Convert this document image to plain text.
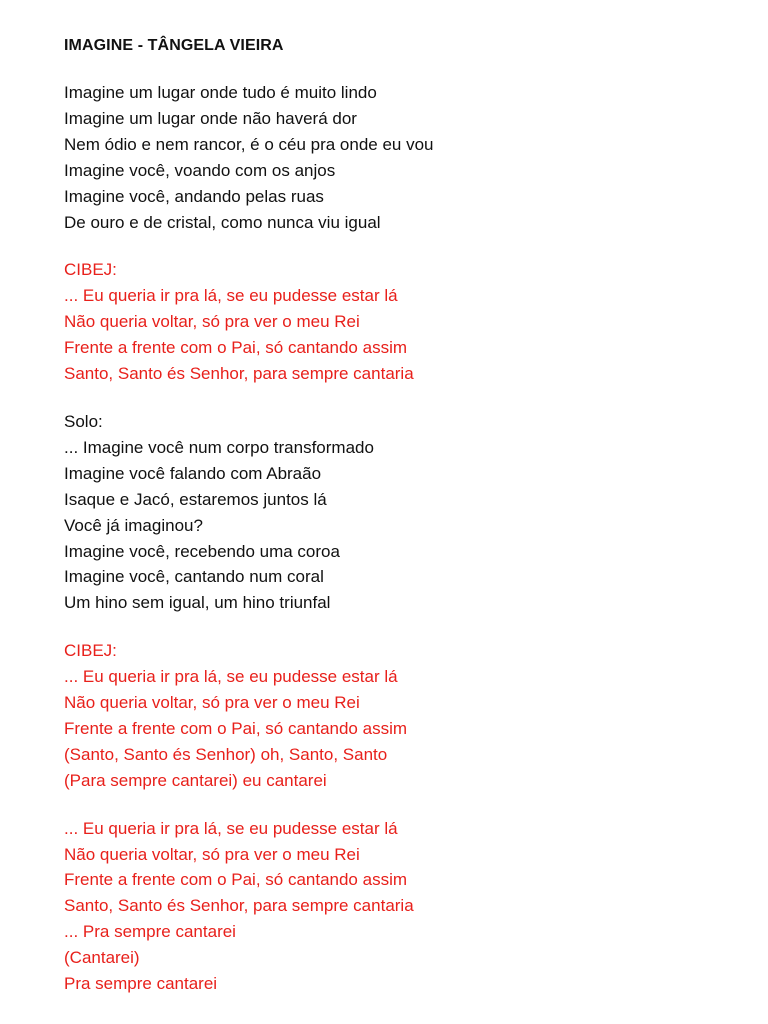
IMAGINE - TÂNGELA VIEIRA
Imagine um lugar onde tudo é muito lindo
Imagine um lugar onde não haverá dor
Nem ódio e nem rancor, é o céu pra onde eu vou
Imagine você, voando com os anjos
Imagine você, andando pelas ruas
De ouro e de cristal, como nunca viu igual
CIBEJ:
... Eu queria ir pra lá, se eu pudesse estar lá
Não queria voltar, só pra ver o meu Rei
Frente a frente com o Pai, só cantando assim
Santo, Santo és Senhor, para sempre cantaria
Solo:
... Imagine você num corpo transformado
Imagine você falando com Abraão
Isaque e Jacó, estaremos juntos lá
Você já imaginou?
Imagine você, recebendo uma coroa
Imagine você, cantando num coral
Um hino sem igual, um hino triunfal
CIBEJ:
... Eu queria ir pra lá, se eu pudesse estar lá
Não queria voltar, só pra ver o meu Rei
Frente a frente com o Pai, só cantando assim
(Santo, Santo és Senhor) oh, Santo, Santo
(Para sempre cantarei) eu cantarei
... Eu queria ir pra lá, se eu pudesse estar lá
Não queria voltar, só pra ver o meu Rei
Frente a frente com o Pai, só cantando assim
Santo, Santo és Senhor, para sempre cantaria
... Pra sempre cantarei
(Cantarei)
Pra sempre cantarei
